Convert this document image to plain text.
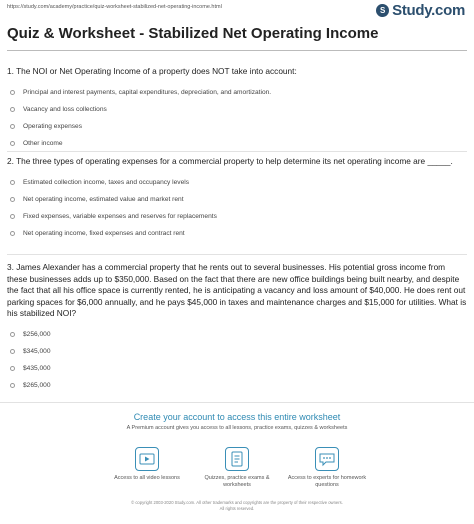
https://study.com/academy/practice/quiz-worksheet-stabilized-net-operating-income.html	S Study.com
Quiz & Worksheet - Stabilized Net Operating Income
1. The NOI or Net Operating Income of a property does NOT take into account:
Principal and interest payments, capital expenditures, depreciation, and amortization.
Vacancy and loss collections
Operating expenses
Other income
2. The three types of operating expenses for a commercial property to help determine its net operating income are _____.
Estimated collection income, taxes and occupancy levels
Net operating income, estimated value and market rent
Fixed expenses, variable expenses and reserves for replacements
Net operating income, fixed expenses and contract rent
3. James Alexander has a commercial property that he rents out to several businesses. His potential gross income from these businesses adds up to $350,000. Based on the fact that there are new office buildings being built nearby, and despite the fact that all his office space is currently rented, he is anticipating a vacancy and loss amount of $40,000. He does rent out parking spaces for $6,000 annually, and he pays $45,000 in taxes and maintenance charges and $15,000 for utilities. What is his stabilized NOI?
$256,000
$345,000
$435,000
$265,000
Create your account to access this entire worksheet
A Premium account gives you access to all lessons, practice exams, quizzes & worksheets
Access to all video lessons	Quizzes, practice exams & worksheets
Access to experts for homework questions
© copyright 2003-2020 Study.com. All other trademarks and copyrights are the property of their respective owners.
All rights reserved.
